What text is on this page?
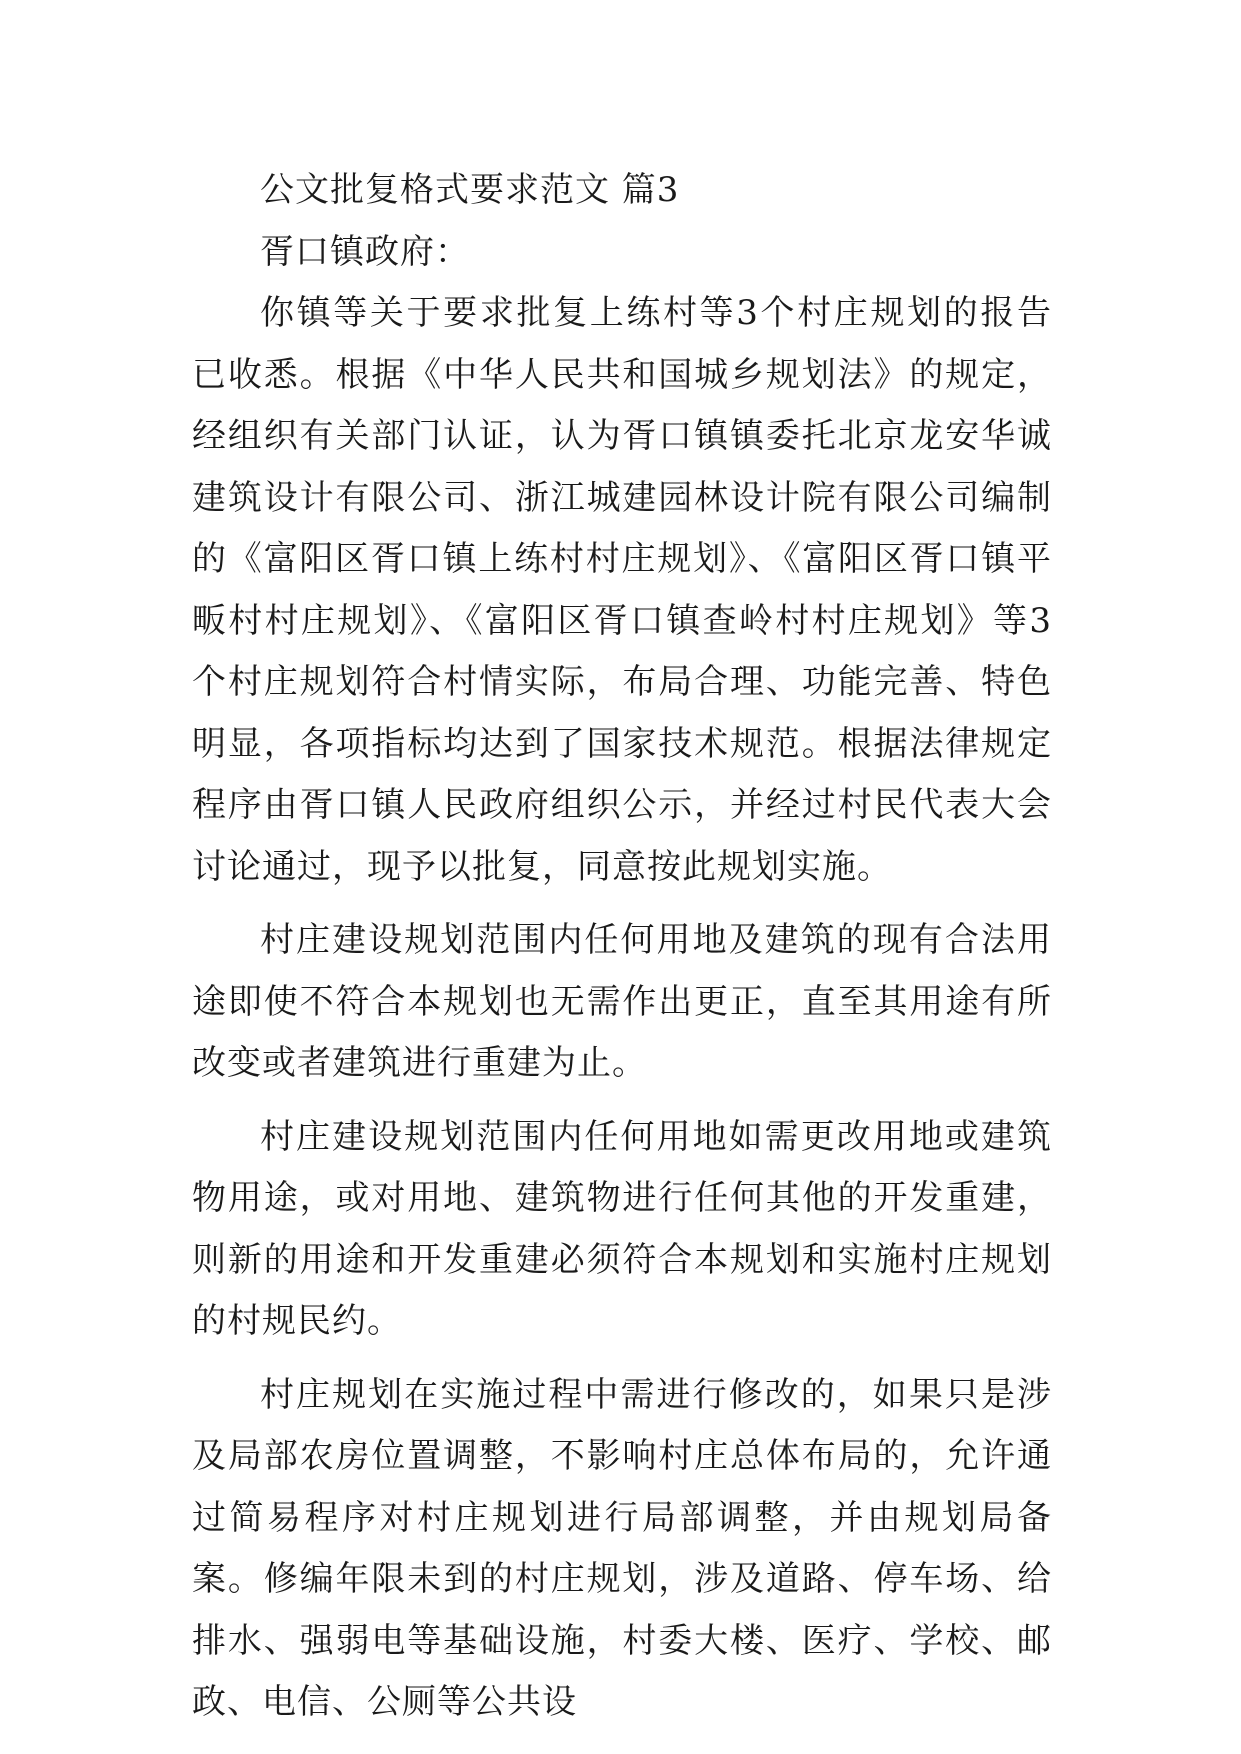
公文批复格式要求范文 篇3

胥口镇政府：

你镇等关于要求批复上练村等3个村庄规划的报告已收悉。根据《中华人民共和国城乡规划法》的规定，经组织有关部门认证，认为胥口镇镇委托北京龙安华诚建筑设计有限公司、浙江城建园林设计院有限公司编制的《富阳区胥口镇上练村村庄规划》、《富阳区胥口镇平畈村村庄规划》、《富阳区胥口镇查岭村村庄规划》等3个村庄规划符合村情实际，布局合理、功能完善、特色明显，各项指标均达到了国家技术规范。根据法律规定程序由胥口镇人民政府组织公示，并经过村民代表大会讨论通过，现予以批复，同意按此规划实施。

村庄建设规划范围内任何用地及建筑的现有合法用途即使不符合本规划也无需作出更正，直至其用途有所改变或者建筑进行重建为止。

村庄建设规划范围内任何用地如需更改用地或建筑物用途，或对用地、建筑物进行任何其他的开发重建，则新的用途和开发重建必须符合本规划和实施村庄规划的村规民约。

村庄规划在实施过程中需进行修改的，如果只是涉及局部农房位置调整，不影响村庄总体布局的，允许通过简易程序对村庄规划进行局部调整，并由规划局备案。修编年限未到的村庄规划，涉及道路、停车场、给排水、强弱电等基础设施，村委大楼、医疗、学校、邮政、电信、公厕等公共设
